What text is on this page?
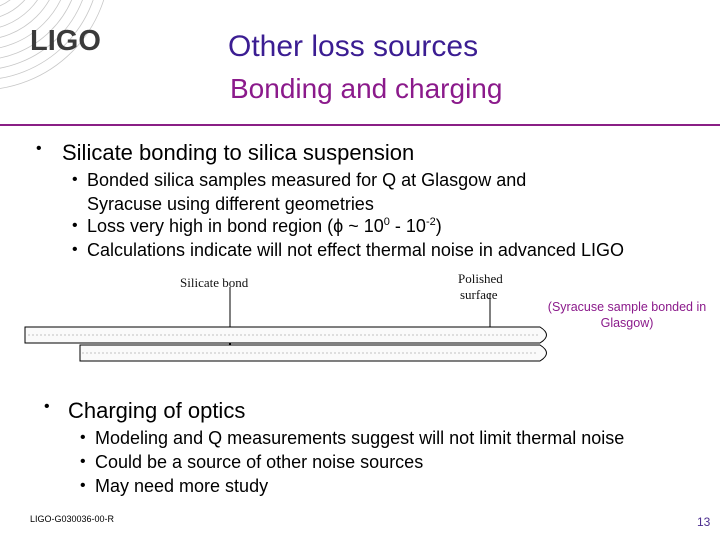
LIGO	Other loss sources
Bonding and charging
• Silicate bonding to silica suspension
• Bonded silica samples measured for Q at Glasgow and
Syracuse using different geometries
• Loss very high in bond region (ϕ ~ $10^0 - 10^{-2}$)
• Calculations indicate will not effect thermal noise in advanced LIGO
Silicate bond	Polished
surface
(Syracuse sample bonded in Glasgow)
• Charging of optics
• Modeling and Q measurements suggest will not limit thermal noise
• Could be a source of other noise sources
• May need more study
LIGO-G030036-00-R	13
